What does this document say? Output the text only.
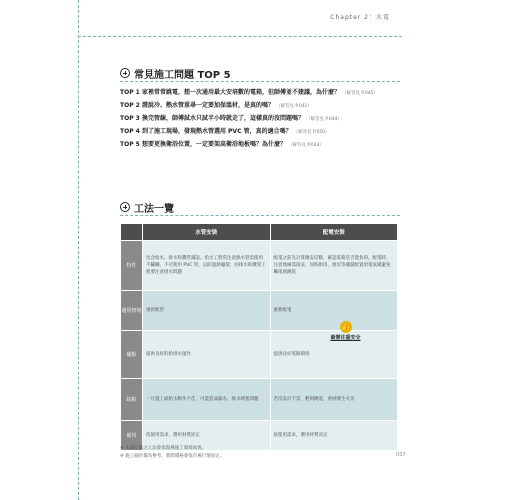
Chapter 2：水電
常見施工問題 TOP 5
TOP 1 家裡常常跳電，想一次通用最大安培數的電箱，但師傅並不建議，為什麼？ （解答見 P.045）
TOP 2 證說冷、熱水管重尋一定要加保溫材，是真的嗎？ （解答見 P.041）
TOP 3 換完管線，師傅試水只試半小時就走了，這樣真的沒問題嗎？ （解答見 P.044）
TOP 4 到了施工現場，發現熱水管選用 PVC 管，真的適合嗎？ （解答見 P.050）
TOP 5 想要更換衛浴位置，一定要架高衛浴地板嗎？為什麼？ （解答見 P.043）
工法一覽
	水管安裝	配電安裝
特性	包含給水、排水和糞管鋪設。給水工程常注意熱水管需使用不鏽鋼、不可使用 PVC 管，以防過熱龜裂；而排水和糞管工程要注意排水問題	配電之前先計算總安培數，確認電箱是否能負荷。配電時，注意地線需接妥，同時廚房、廚房等潮濕配置須電氣鎖避免觸電與跳電
適用情境	重新配管	重新配電
👍
最需注重安全

優點	提供良好的給排水運作	提供良好電路環境
缺點	一旦施工或給水動作不佳，可能造成漏水，排水堵塞問題	若沒設計不當，輕則跳電，重則發生火災
備用	依使用需求，選用材質而定	依使用需求，選用材質而定
※ 本書記載之上法會依現場施工環境而異。
※ 施工細作價為參考，實際價格會依市場行情而定。	037
